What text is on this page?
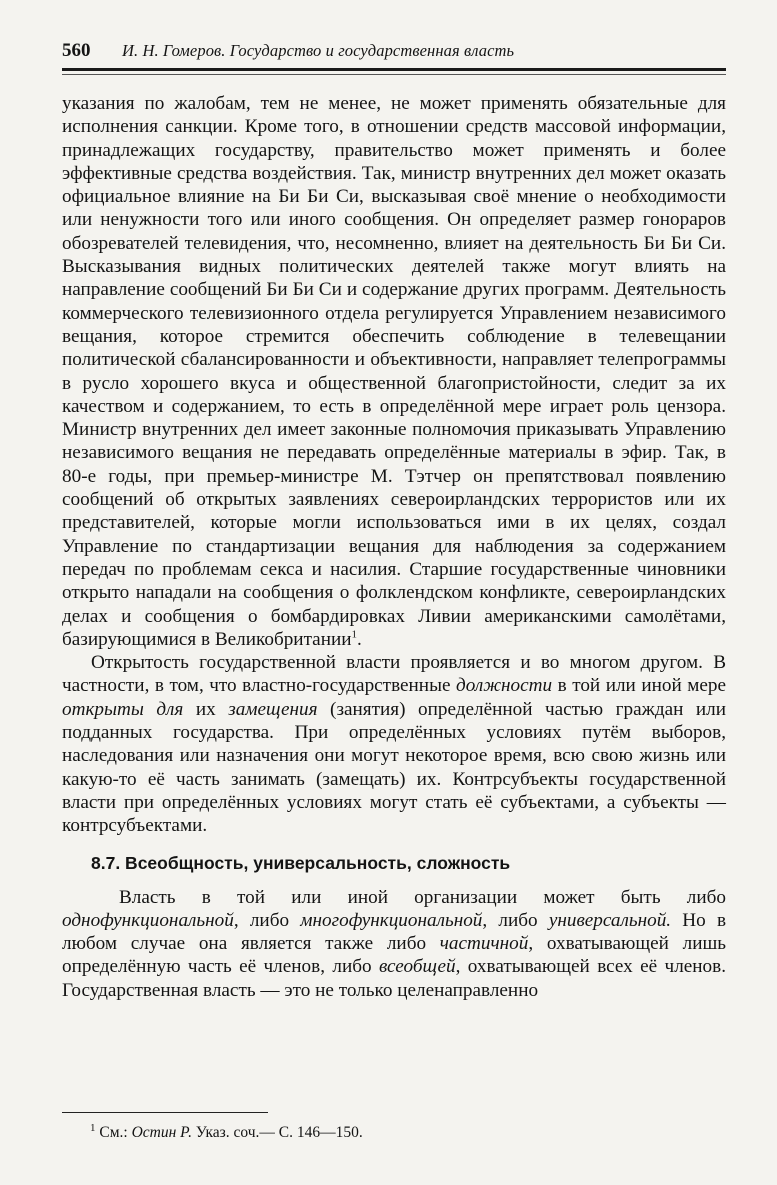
560 И. Н. Гомеров. Государство и государственная власть

указания по жалобам, тем не менее, не может применять обязательные для исполнения санкции. Кроме того, в отношении средств массовой информации, принадлежащих государству, правительство может применять и более эффективные средства воздействия. Так, министр внутренних дел может оказать официальное влияние на Би Би Си, высказывая своё мнение о необходимости или ненужности того или иного сообщения. Он определяет размер гонораров обозревателей телевидения, что, несомненно, влияет на деятельность Би Би Си. Высказывания видных политических деятелей также могут влиять на направление сообщений Би Би Си и содержание других программ. Деятельность коммерческого телевизионного отдела регулируется Управлением независимого вещания, которое стремится обеспечить соблюдение в телевещании политической сбалансированности и объективности, направляет телепрограммы в русло хорошего вкуса и общественной благопристойности, следит за их качеством и содержанием, то есть в определённой мере играет роль цензора. Министр внутренних дел имеет законные полномочия приказывать Управлению независимого вещания не передавать определённые материалы в эфир. Так, в 80-е годы, при премьер-министре М. Тэтчер он препятствовал появлению сообщений об открытых заявлениях североирландских террористов или их представителей, которые могли использоваться ими в их целях, создал Управление по стандартизации вещания для наблюдения за содержанием передач по проблемам секса и насилия. Старшие государственные чиновники открыто нападали на сообщения о фолклендском конфликте, североирландских делах и сообщения о бомбардировках Ливии американскими самолётами, базирующимися в Великобритании$^1$.

Открытость государственной власти проявляется и во многом другом. В частности, в том, что властно-государственные должности в той или иной мере открыты для их замещения (занятия) определённой частью граждан или подданных государства. При определённых условиях путём выборов, наследования или назначения они могут некоторое время, всю свою жизнь или какую-то её часть занимать (замещать) их. Контрсубъекты государственной власти при определённых условиях могут стать её субъектами, а субъекты — контрсубъектами.

8.7. Всеобщность, универсальность, сложность

Власть в той или иной организации может быть либо однофункциональной, либо многофункциональной, либо универсальной. Но в любом случае она является также либо частичной, охватывающей лишь определённую часть её членов, либо всеобщей, охватывающей всех её членов. Государственная власть — это не только целенаправленно

$^1$ См.: Остин Р. Указ. соч.— С. 146—150.
